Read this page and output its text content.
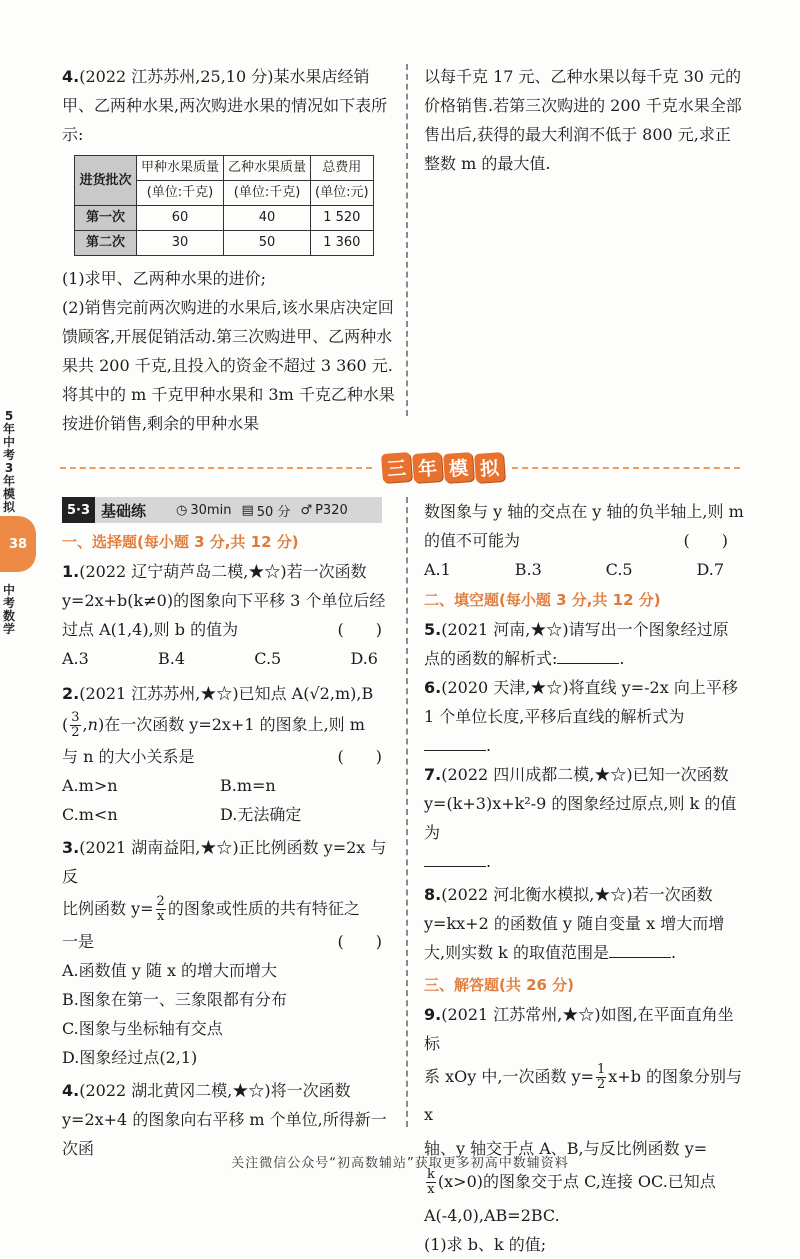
4.(2022 江苏苏州,25,10 分)某水果店经销甲、乙两种水果,两次购进水果的情况如下表所示:

进货批次	甲种水果质量	乙种水果质量	总费用
	(单位:千克)	(单位:千克)	(单位:元)
第一次	60	40	1 520
第二次	30	50	1 360

(1)求甲、乙两种水果的进价;

(2)销售完前两次购进的水果后,该水果店决定回馈顾客,开展促销活动.第三次购进甲、乙两种水果共 200 千克,且投入的资金不超过 3 360 元.将其中的 m 千克甲种水果和 3m 千克乙种水果按进价销售,剩余的甲种水果

以每千克 17 元、乙种水果以每千克 30 元的价格销售.若第三次购进的 200 千克水果全部售出后,获得的最大利润不低于 800 元,求正整数 m 的最大值.

5
年
中
考
3
年
模
拟
38
中
考
数
学
三 年 模 拟
5·3 基础练 ◷ 30min ▤ 50 分 ♂ P320

一、选择题(每小题 3 分,共 12 分)

1.(2022 辽宁葫芦岛二模,★☆)若一次函数 y=2x+b(k≠0)的图象向下平移 3 个单位后经过点 A(1,4),则 b 的值为	(　　)

A.3	B.4	C.5	D.6

2.(2021 江苏苏州,★☆)已知点 A(√2,m),B

( $\frac{3}{2} ,n$)在一次函数 y=2x+1 的图象上,则 m

与 n 的大小关系是	(　　)

A.m>n	B.m=n
C.m<n	D.无法确定

3.(2021 湖南益阳,★☆)正比例函数 y=2x 与反

比例函数 $y= \frac{2}{x}$ 的图象或性质的共有特征之

一是	(　　)

A.函数值 y 随 x 的增大而增大

B.图象在第一、三象限都有分布

C.图象与坐标轴有交点

D.图象经过点(2,1)

4.(2022 湖北黄冈二模,★☆)将一次函数 y=2x+4 的图象向右平移 m 个单位,所得新一次函

数图象与 y 轴的交点在 y 轴的负半轴上,则 m 的值不可能为	(　　)

A.1	B.3	C.5	D.7

二、填空题(每小题 3 分,共 12 分)

5.(2021 河南,★☆)请写出一个图象经过原点的函数的解析式:	.

6.(2020 天津,★☆)将直线 y=-2x 向上平移 1 个单位长度,平移后直线的解析式为.

7.(2022 四川成都二模,★☆)已知一次函数 y=(k+3)x+k²-9 的图象经过原点,则 k 的值为
.

8.(2022 河北衡水模拟,★☆)若一次函数 y=kx+2 的函数值 y 随自变量 x 增大而增大,则实数 k 的取值范围是	.

三、解答题(共 26 分)

9.(2021 江苏常州,★☆)如图,在平面直角坐标

系 xOy 中,一次函数 $y= \frac{1}{2} x+b$ 的图象分别与 x

轴、y 轴交于点 A、B,与反比例函数 y=

$\frac{k}{x} (x>0)$的图象交于点 C,连接 OC.已知点

A(-4,0),AB=2BC.

(1)求 b、k 的值;

关注微信公众号“初高数辅站”获取更多初高中数辅资料
